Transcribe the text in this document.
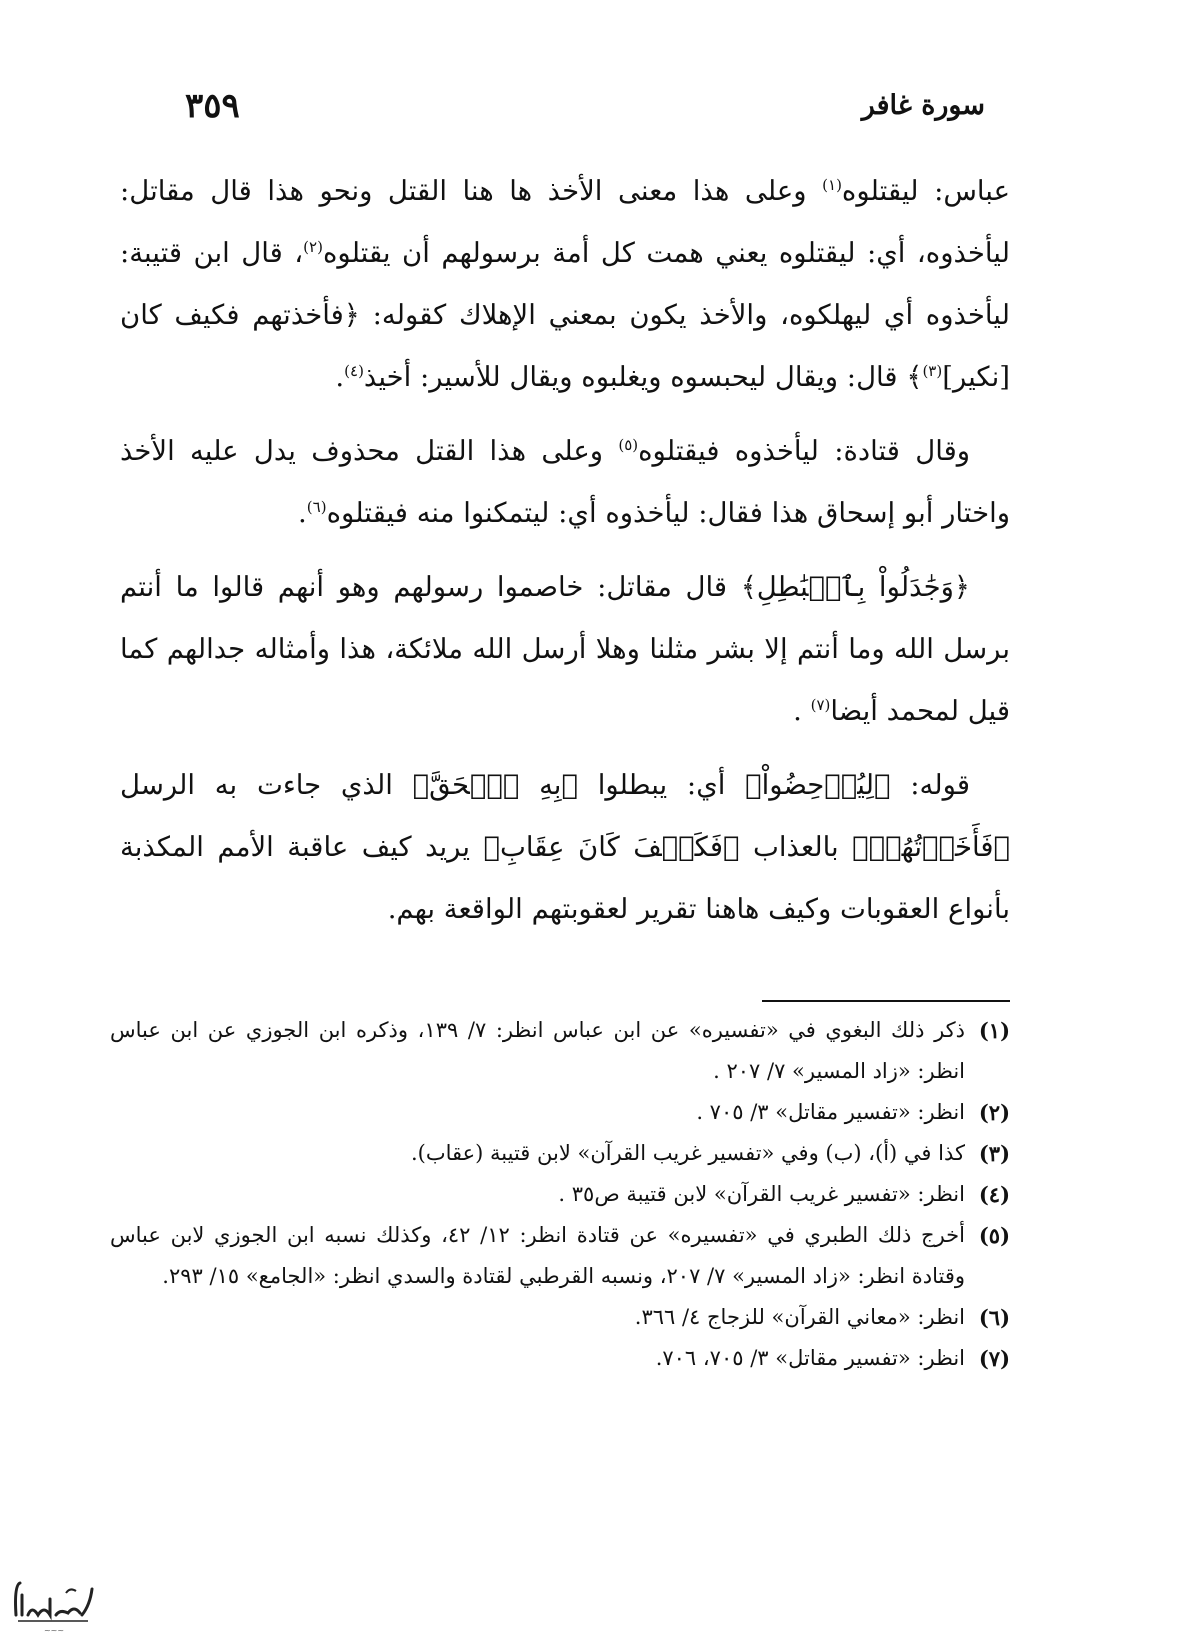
سورة غافر
٣٥٩

عباس: ليقتلوه$^{(١)}$ وعلى هذا معنى الأخذ ها هنا القتل ونحو هذا قال مقاتل: ليأخذوه، أي: ليقتلوه يعني همت كل أمة برسولهم أن يقتلوه$^{(٢)}$، قال ابن قتيبة: ليأخذوه أي ليهلكوه، والأخذ يكون بمعني الإهلاك كقوله: ﴿فأخذتهم فكيف كان [نكير]$^{(٣)}$﴾ قال: ويقال ليحبسوه ويغلبوه ويقال للأسير: أخيذ$^{(٤)}$.

وقال قتادة: ليأخذوه فيقتلوه$^{(٥)}$ وعلى هذا القتل محذوف يدل عليه الأخذ واختار أبو إسحاق هذا فقال: ليأخذوه أي: ليتمكنوا منه فيقتلوه$^{(٦)}$.

﴿وَجَٰدَلُواْ بِٱلۡبَٰطِلِ﴾ قال مقاتل: خاصموا رسولهم وهو أنهم قالوا ما أنتم برسل الله وما أنتم إلا بشر مثلنا وهلا أرسل الله ملائكة، هذا وأمثاله جدالهم كما قيل لمحمد أيضا$^{(٧)}$ .

قوله: ﴿لِيُدۡحِضُواْ﴾ أي: يبطلوا ﴿بِهِ ٱلۡحَقَّ﴾ الذي جاءت به الرسل ﴿فَأَخَذۡتُهُمۡ﴾ بالعذاب ﴿فَكَيۡفَ كَانَ عِقَابِ﴾ يريد كيف عاقبة الأمم المكذبة بأنواع العقوبات وكيف هاهنا تقرير لعقوبتهم الواقعة بهم.

(١)
ذكر ذلك البغوي في «تفسيره» عن ابن عباس انظر: ٧/ ١٣٩، وذكره ابن الجوزي عن ابن عباس انظر: «زاد المسير» ٧/ ٢٠٧ .

(٢)
انظر: «تفسير مقاتل» ٣/ ٧٠٥ .

(٣)
كذا في (أ)، (ب) وفي «تفسير غريب القرآن» لابن قتيبة (عقاب).

(٤)
انظر: «تفسير غريب القرآن» لابن قتيبة ص٣٥ .

(٥)
أخرج ذلك الطبري في «تفسيره» عن قتادة انظر: ١٢/ ٤٢، وكذلك نسبه ابن الجوزي لابن عباس وقتادة انظر: «زاد المسير» ٧/ ٢٠٧، ونسبه القرطبي لقتادة والسدي انظر: «الجامع» ١٥/ ٢٩٣.

(٦)
انظر: «معاني القرآن» للزجاج ٤/ ٣٦٦.

(٧)
انظر: «تفسير مقاتل» ٣/ ٧٠٥، ٧٠٦.

~~~
